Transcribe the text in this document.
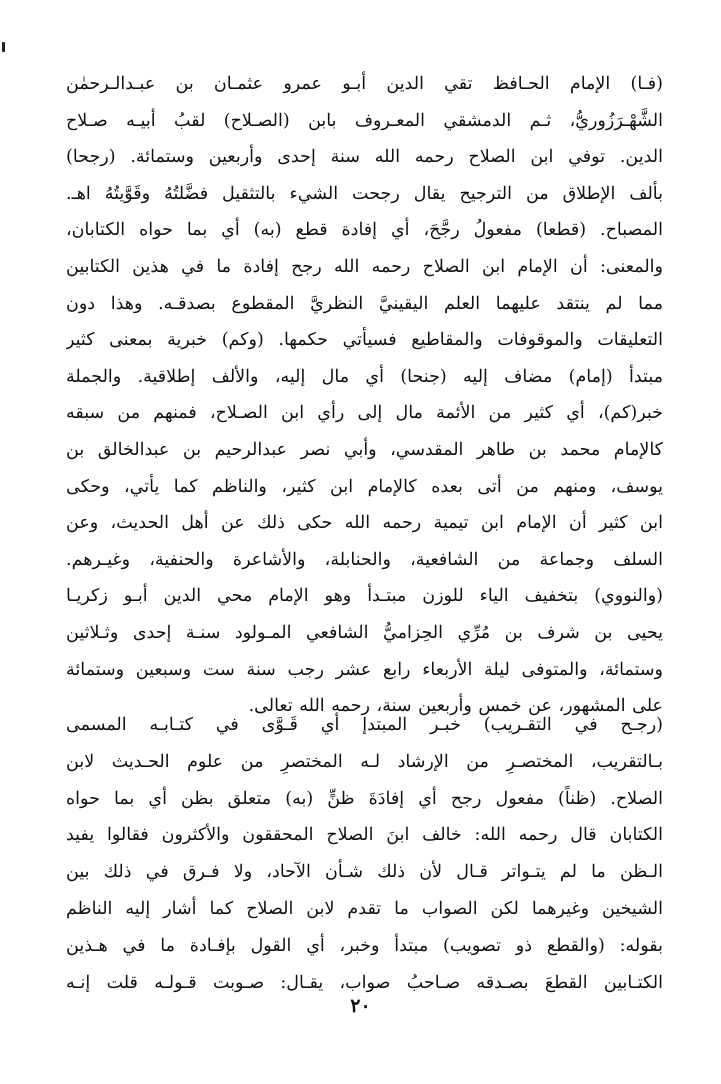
(فـا) الإمام الحـافظ تقي الدين أبـو عمرو عثمـان بن عبـدالـرحمٰن
الشَّهْـرَزُوريُّ، ثـم الدمشقي المعـروف بابن (الصـلاح) لقبُ أبيـه صـلاح
الدين. توفي ابن الصلاح رحمه الله سنة إحدى وأربعين وستمائة. (رجحا)
بألف الإطلاق من الترجيح يقال رجحت الشيء بالتثقيل فضَّلتُهُ وقَوَّيتُهُ اهـ.
المصباح. (قطعا) مفعولُ رجَّحَ، أي إفادة قطع (به) أي بما حواه الكتابان،
والمعنى: أن الإمام ابن الصلاح رحمه الله رجح إفادة ما في هذين الكتابين
مما لم ينتقد عليهما العلم اليقينيَّ النظريَّ المقطوع بصدقـه. وهذا دون
التعليقات والموقوفات والمقاطيع فسيأتي حكمها. (وكم) خبرية بمعنى كثير
مبتدأ (إمام) مضاف إليه (جنحا) أي مال إليه، والألف إطلاقية. والجملة
خبر(كم)، أي كثير من الأئمة مال إلى رأي ابن الصـلاح، فمنهم من سبقه
كالإمام محمد بن طاهر المقدسي، وأبي نصر عبدالرحيم بن عبدالخالق بن
يوسف، ومنهم من أتى بعده كالإمام ابن كثير، والناظم كما يأتي، وحكى
ابن كثير أن الإمام ابن تيمية رحمه الله حكى ذلك عن أهل الحديث، وعن
السلف وجماعة من الشافعية، والحنابلة، والأشاعرة والحنفية، وغيـرهم.
(والنووي) بتخفيف الياء للوزن مبتـدأ وهو الإمام محي الدين أبـو زكريـا
يحيى بن شرف بن مُرِّي الحِزاميُّ الشافعي المـولود سنـة إحدى وثـلاثين
وستمائة، والمتوفى ليلة الأربعاء رابع عشر رجب سنة ست وسبعين وستمائة
على المشهور، عن خمس وأربعين سنة، رحمه الله تعالى.
(رجـح في التقـريب) خبـر المبتدإ أي قَـوَّى في كتـابـه المسمى
بـالتقريب، المختصـرِ من الإرشاد لـه المختصرِ من علوم الحـديث لابن
الصلاح. (ظناً) مفعول رجح أي إفادَةَ ظنٍّ (به) متعلق بظن أي بما حواه
الكتابان قال رحمه الله: خالف ابنَ الصلاح المحققون والأكثرون فقالوا يفيد
الـظن ما لم يتـواتر قـال لأن ذلك شـأن الآحاد، ولا فـرق في ذلك بين
الشيخين وغيرهما لكن الصواب ما تقدم لابن الصلاح كما أشار إليه الناظم
بقوله: (والقطع ذو تصويب) مبتدأ وخبر، أي القول بإفـادة ما في هـذين
الكتـابين القطعَ بصـدقه صـاحبُ صواب، يقـال: صـوبت قـولـه قلت إنـه
٢٠
